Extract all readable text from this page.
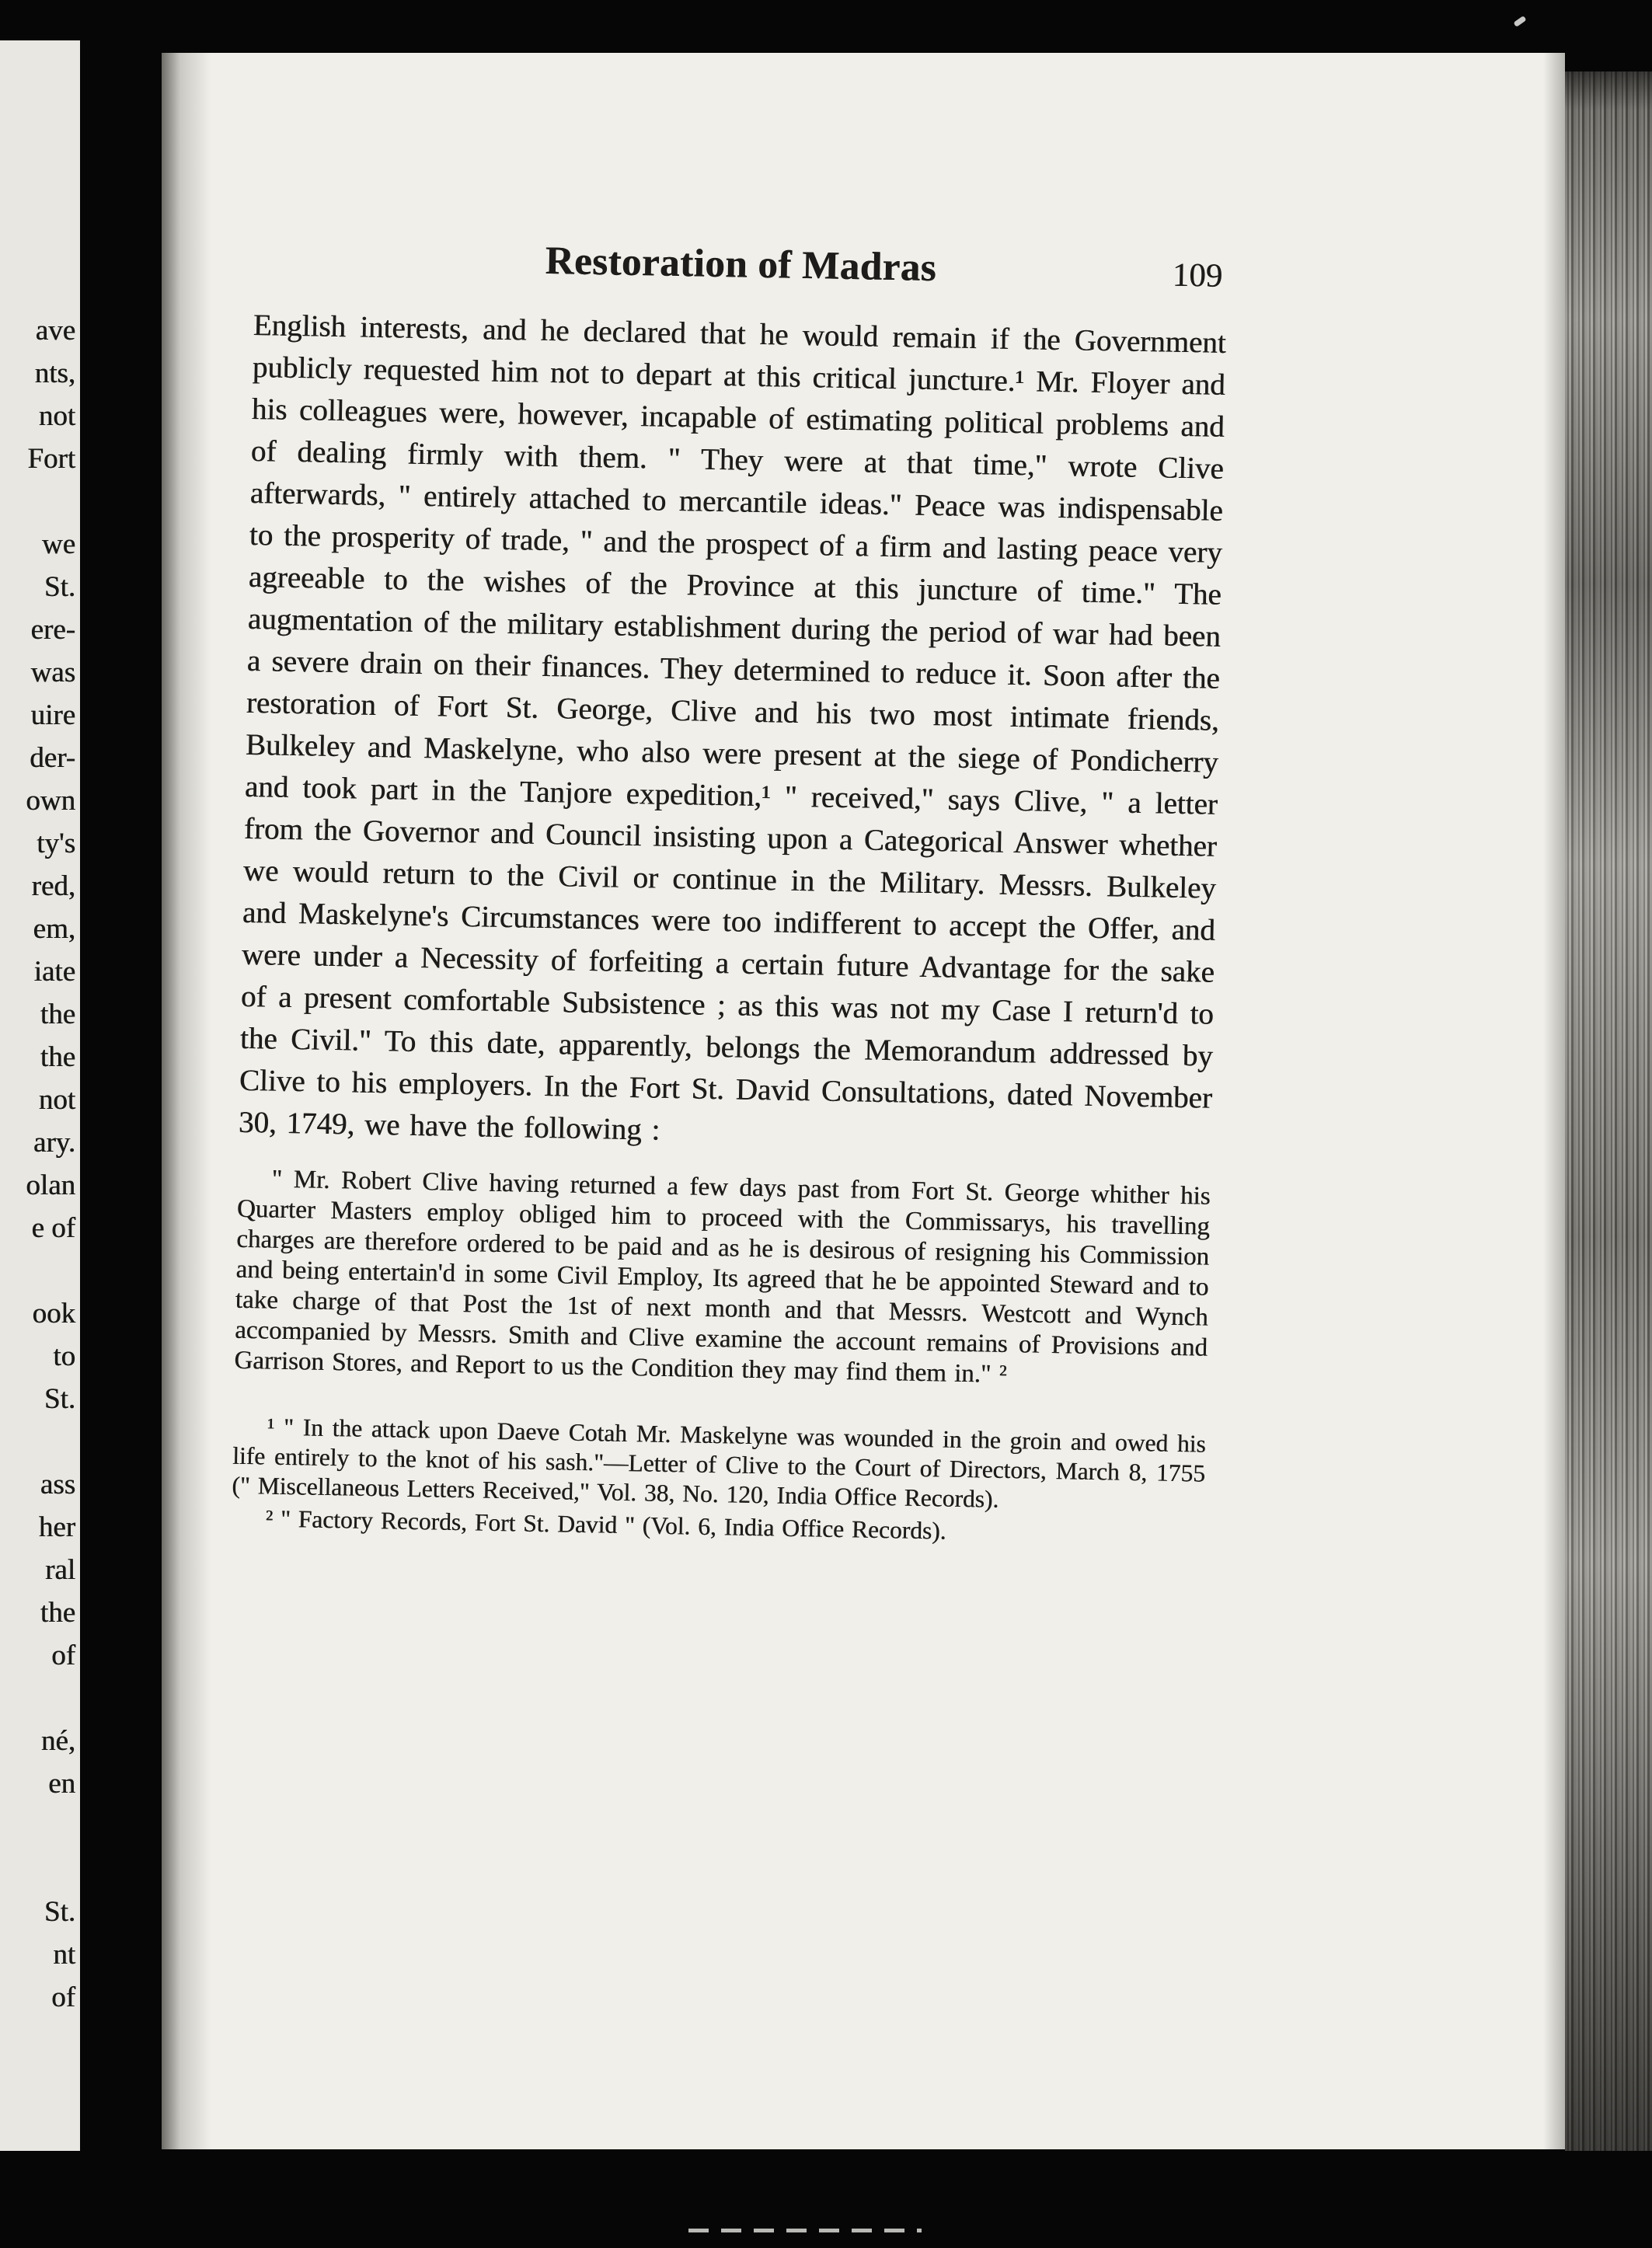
ave
nts,
not
Fort

we
St.
ere-
was
uire
der-
own
ty's
red,
em,
iate
the
the
not
ary.
olan
e of

ook
to
St.

ass
her
ral
the
of

né,
en

St.
nt
of
Restoration of Madras	109

English interests, and he declared that he would remain if the Government publicly requested him not to depart at this critical juncture.¹ Mr. Floyer and his colleagues were, however, incapable of estimating political problems and of dealing firmly with them. " They were at that time," wrote Clive afterwards, " entirely attached to mercantile ideas." Peace was indispensable to the prosperity of trade, " and the prospect of a firm and lasting peace very agreeable to the wishes of the Province at this juncture of time." The augmentation of the military establishment during the period of war had been a severe drain on their finances. They determined to reduce it. Soon after the restoration of Fort St. George, Clive and his two most intimate friends, Bulkeley and Maskelyne, who also were present at the siege of Pondicherry and took part in the Tanjore expedition,¹ " received," says Clive, " a letter from the Governor and Council insisting upon a Categorical Answer whether we would return to the Civil or continue in the Military. Messrs. Bulkeley and Maskelyne's Circumstances were too indifferent to accept the Offer, and were under a Necessity of forfeiting a certain future Advantage for the sake of a present comfortable Subsistence ; as this was not my Case I return'd to the Civil." To this date, apparently, belongs the Memorandum addressed by Clive to his employers. In the Fort St. David Consultations, dated November 30, 1749, we have the following :

" Mr. Robert Clive having returned a few days past from Fort St. George whither his Quarter Masters employ obliged him to proceed with the Commissarys, his travelling charges are therefore ordered to be paid and as he is desirous of resigning his Commission and being entertain'd in some Civil Employ, Its agreed that he be appointed Steward and to take charge of that Post the 1st of next month and that Messrs. Westcott and Wynch accompanied by Messrs. Smith and Clive examine the account remains of Provisions and Garrison Stores, and Report to us the Condition they may find them in." ²

¹ " In the attack upon Daeve Cotah Mr. Maskelyne was wounded in the groin and owed his life entirely to the knot of his sash."—Letter of Clive to the Court of Directors, March 8, 1755 (" Miscellaneous Letters Received," Vol. 38, No. 120, India Office Records).
² " Factory Records, Fort St. David " (Vol. 6, India Office Records).
